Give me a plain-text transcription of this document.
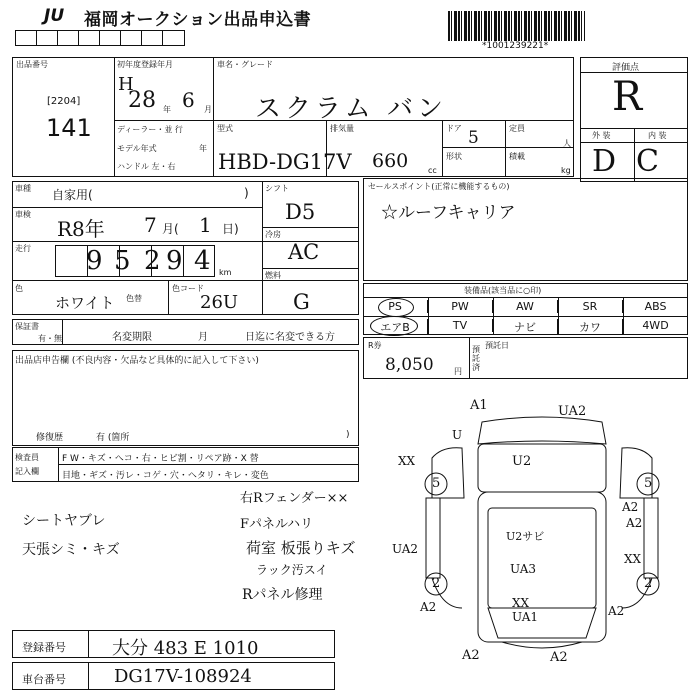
JU 福岡オークション出品申込書
*1001239221*
出品番号
[2204]
141
初年度登録年月
H
28 年 6 月
ディーラー・並 行
モデル年式	年
ハンドル 左・右
車名・グレード
スクラム バン
型式
HBD-DG17V
排気量
660 cc
ドア 5	定員
人
形状	積載
kg
評価点
R
外 装	内 装
D C
車種 自家用(	)
車検
R8年 7 月( 1 日)
走行 9 5 2 9 4 km
色
ホワイト 色替
色コード
26U
シフト
D5
冷房
AC
燃料
G
セールスポイント(正常に機能するもの)
☆ルーフキャリア
装備品(該当品に○印)
PS	PW	AW	SR	ABS
エアB	TV	ナビ	カワ	4WD
R券
8,050	円
預託済
預託日
保証書
有・無	名変期限	月	日迄に名変できる方
出品店申告欄 (不良内容・欠品など具体的に記入して下さい)
修復歴	有 (箇所	)
検査員
記入欄
F W・キズ・へコ・右・ヒビ割・リペア跡・X 替
目地・ギズ・汚レ・コゲ・穴・ヘタリ・キレ・変色
シートヤブレ
天張シミ・キズ
右Rフェンダー××
Fパネルハリ
荷室 板張りキズ
ラック汚スイ
Rパネル修理
5	5
2	2
A1	UA2
U
U2
XX
U2サビ
UA2
UA3
A2
A2
A2
XX
XX
UA1	A2
A2	A2
登録番号	大分 483 E 1010
車台番号	DG17V-108924
